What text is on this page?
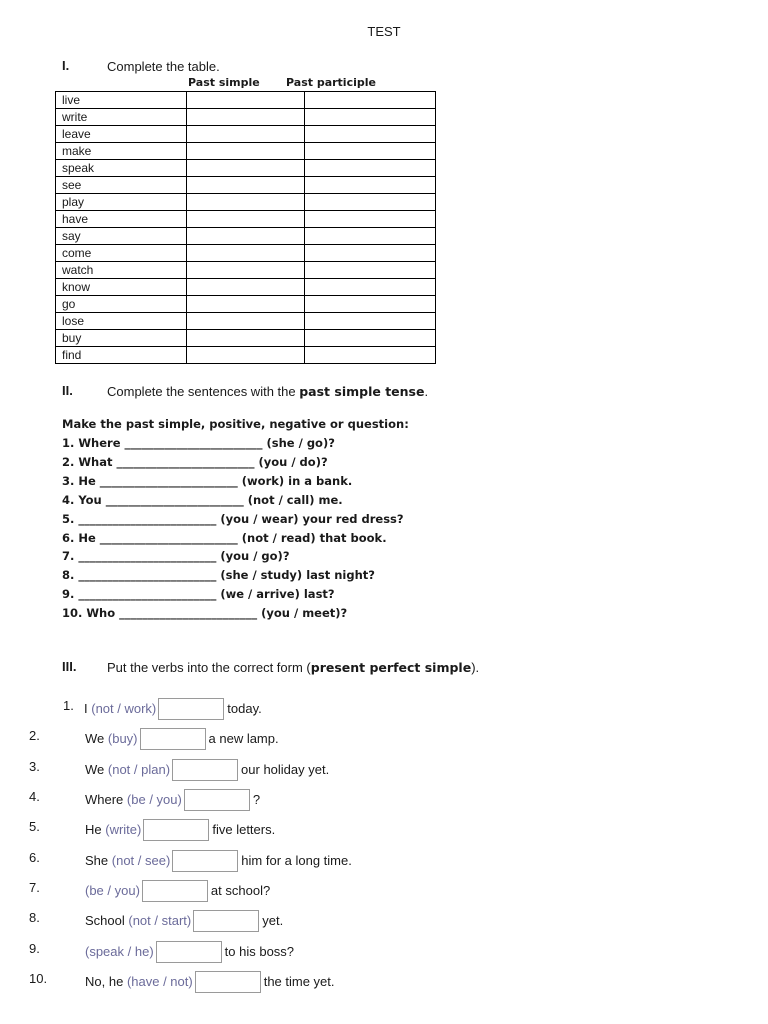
TEST
I.	Complete the table.
Past simple Past participle
live		
write		
leave		
make		
speak		
see		
play		
have		
say		
come		
watch		
know		
go		
lose		
buy		
find		
II.	Complete the sentences with the past simple tense.
Make the past simple, positive, negative or question:
1. Where ________________________ (she / go)?
2. What ________________________ (you / do)?
3. He ________________________ (work) in a bank.
4. You ________________________ (not / call) me.
5. ________________________ (you / wear) your red dress?
6. He ________________________ (not / read) that book.
7. ________________________ (you / go)?
8. ________________________ (she / study) last night?
9. ________________________ (we / arrive) last?
10. Who ________________________ (you / meet)?
III. Put the verbs into the correct form (present perfect simple).
1. I (not / work)	today.
2.	We (buy)	a new lamp.
3.	We (not / plan)	our holiday yet.
4.	Where (be / you)	?
5.	He (write)	five letters.
6.	She (not / see)	him for a long time.
7.	(be / you)	at school?
8.	School (not / start)	yet.
9.	(speak / he)	to his boss?
10.	No, he (have / not)	the time yet.
